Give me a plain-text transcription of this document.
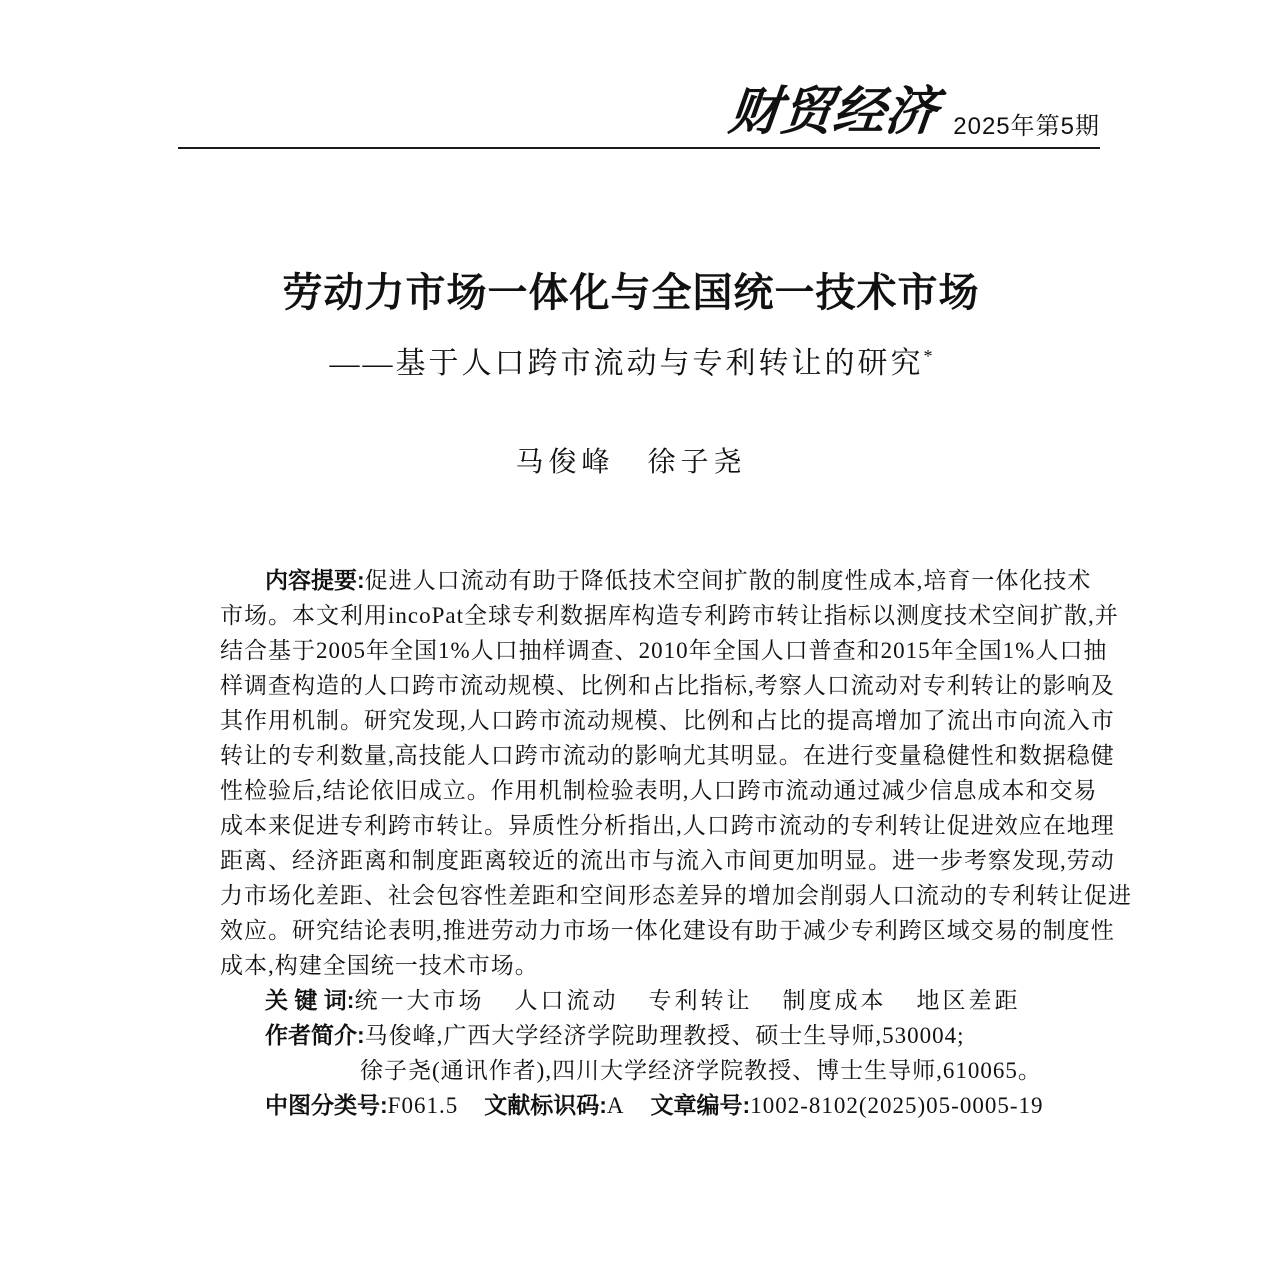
财贸经济 2025年第5期
劳动力市场一体化与全国统一技术市场
——基于人口跨市流动与专利转让的研究*
马俊峰　徐子尧
内容提要:促进人口流动有助于降低技术空间扩散的制度性成本,培育一体化技术
市场。本文利用incoPat全球专利数据库构造专利跨市转让指标以测度技术空间扩散,并
结合基于2005年全国1%人口抽样调查、2010年全国人口普查和2015年全国1%人口抽
样调查构造的人口跨市流动规模、比例和占比指标,考察人口流动对专利转让的影响及
其作用机制。研究发现,人口跨市流动规模、比例和占比的提高增加了流出市向流入市
转让的专利数量,高技能人口跨市流动的影响尤其明显。在进行变量稳健性和数据稳健
性检验后,结论依旧成立。作用机制检验表明,人口跨市流动通过减少信息成本和交易
成本来促进专利跨市转让。异质性分析指出,人口跨市流动的专利转让促进效应在地理
距离、经济距离和制度距离较近的流出市与流入市间更加明显。进一步考察发现,劳动
力市场化差距、社会包容性差距和空间形态差异的增加会削弱人口流动的专利转让促进
效应。研究结论表明,推进劳动力市场一体化建设有助于减少专利跨区域交易的制度性
成本,构建全国统一技术市场。
关 键 词:统一大市场 人口流动 专利转让 制度成本 地区差距
作者简介:马俊峰,广西大学经济学院助理教授、硕士生导师,530004;
徐子尧(通讯作者),四川大学经济学院教授、博士生导师,610065。
中图分类号:F061.5 文献标识码:A 文章编号:1002-8102(2025)05-0005-19
